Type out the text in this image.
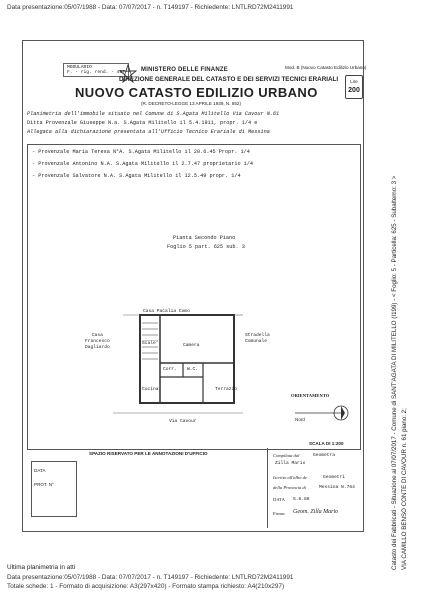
Data presentazione:05/07/1988 - Data: 07/07/2017 - n. T149197 - Richiedente: LNTLRD72M2411991
MODULARIO
F. - rig. rend. - 497	MINISTERO DELLE FINANZE
DIREZIONE GENERALE DEL CATASTO E DEI SERVIZI TECNICI ERARIALI
NUOVO CATASTO EDILIZIO URBANO
(R. DECRETO-LEGGE 13 APRILE 1939, N. 652)
Mod. B (Nuovo Catasto Edilizio Urbano)
Lire
200
Planimetria dell'immobile situato nel Comune di S.Agata Militello Via Cavour N.61
Ditta Provenzale Giuseppe N.a. S.Agata Militello il 5.4.1911, propr. 1/4 e
Allegata alla dichiarazione presentata all'Ufficio Tecnico Erariale di Messina
- Provenzale Maria Teresa N°A. S.Agata Militello il 20.6.45 Propr. 1/4
- Provenzale Antonino N.A. S.Agata Militello il 2.7.47 proprietario 1/4
- Provenzale Salvatore N.A. S.Agata Militello il 12.5.49 propr. 1/4
Pianta Secondo Piano
Foglio 5 part. 625 sub. 3
Casa Pacalia Como
Casa
Francesco
Dagliardo
Stradella
Comunale
Scale	Camera
Corr. W.C.
Cucina	Terrazzo
Via Cavour
ORIENTAMENTO
Nord
SCALA DI 1:200
SPAZIO RISERVATO PER LE ANNOTAZIONI D'UFFICIO
DATA
PROT. N°
Compilata dal	Geometra
Zilla Mario
Iscritto all'albo de	Geometri
della Provincia di	Messina N.764
DATA 5.6.88
Firma: Geom. Zilla Mario	Catasto dei Fabbricati - Situazione al 07/07/2017 - Comune di SANT'AGATA DI MILITELLO (I199) - < Foglio: 5 - Particella: 625 - Subalterno: 3 > VIA CAMILLO BENSO CONTE DI CAVOUR n. 61 piano: 2;
Ultima planimetria in atti
Data presentazione:05/07/1988 - Data: 07/07/2017 - n. T149197 - Richiedente: LNTLRD72M2411991
Totale schede: 1 - Formato di acquisizione: A3(297x420) - Formato stampa richiesto: A4(210x297)
